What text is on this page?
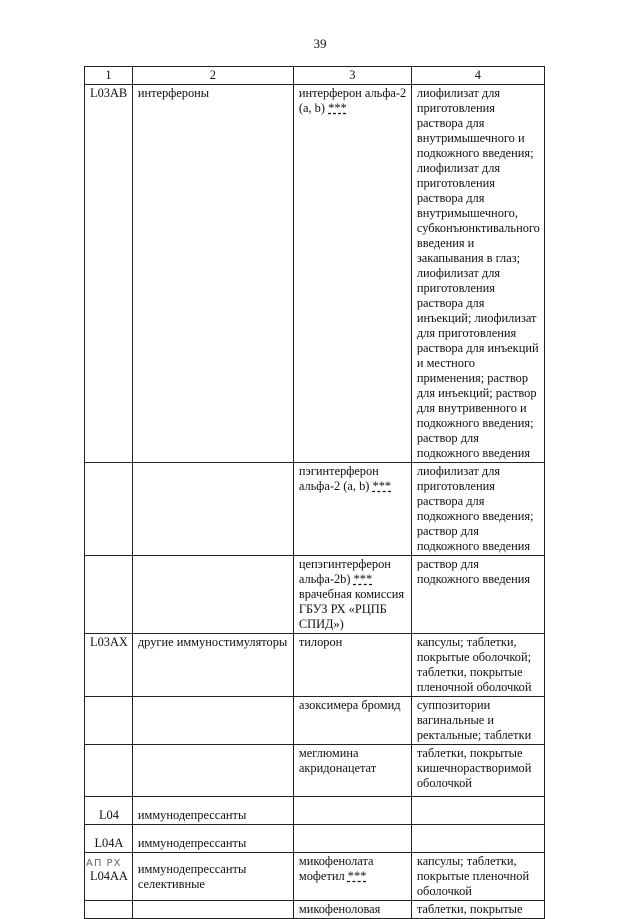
39
1	2	3	4
L03AB	интерфероны	интерферон альфа-2 (a, b) ***	лиофилизат для приготовления раствора для внутримышечного и подкожного введения; лиофилизат для приготовления раствора для внутримышечного, субконъюнктивального введения и закапывания в глаз; лиофилизат для приготовления раствора для инъекций; лиофилизат для приготовления раствора для инъекций и местного применения; раствор для инъекций; раствор для внутривенного и подкожного введения; раствор для подкожного введения
		пэгинтерферон альфа-2 (a, b) ***	лиофилизат для приготовления раствора для подкожного введения; раствор для подкожного введения
		цепэгинтерферон альфа-2b) *** врачебная комиссия ГБУЗ РХ «РЦПБ СПИД»)	раствор для подкожного введения
L03AX	другие иммуностимуляторы	тилорон	капсулы; таблетки, покрытые оболочкой; таблетки, покрытые пленочной оболочкой
		азоксимера бромид	суппозитории вагинальные и ректальные; таблетки
		меглюмина акридонацетат	таблетки, покрытые кишечнорастворимой оболочкой
L04	иммунодепрессанты		
L04A	иммунодепрессанты		
L04AA	иммунодепрессанты селективные	микофенолата мофетил ***	капсулы; таблетки, покрытые пленочной оболочкой
		микофеноловая	таблетки, покрытые
АП РХ
